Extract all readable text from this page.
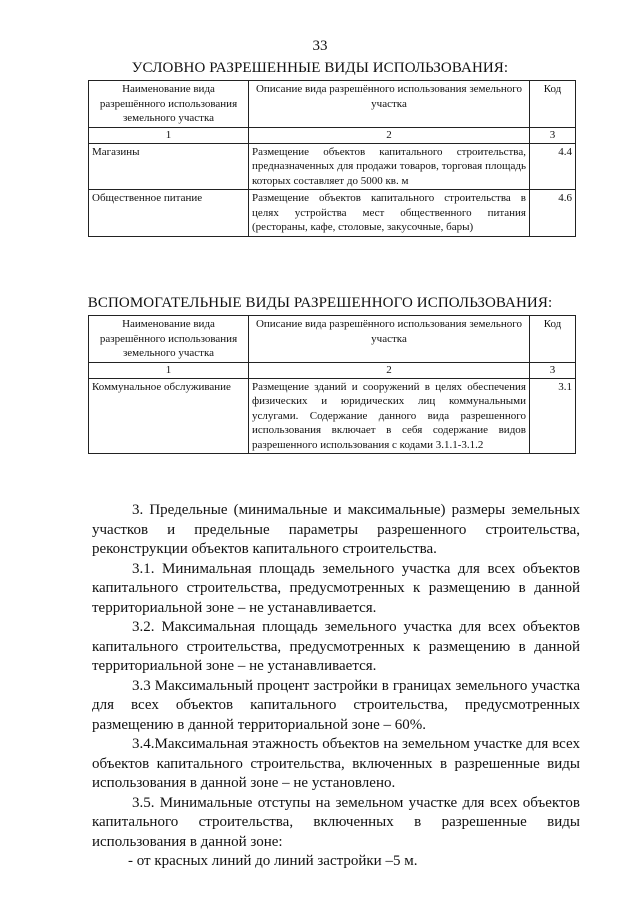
33
УСЛОВНО РАЗРЕШЕННЫЕ ВИДЫ ИСПОЛЬЗОВАНИЯ:
Наименование вида разрешённого использования земельного участка	Описание вида разрешённого использования земельного участка	Код
1	2	3
Магазины	Размещение объектов капитального строительства, предназначенных для продажи товаров, торговая площадь которых составляет до 5000 кв. м	4.4
Общественное питание	Размещение объектов капитального строительства в целях устройства мест общественного питания (рестораны, кафе, столовые, закусочные, бары)	4.6
ВСПОМОГАТЕЛЬНЫЕ ВИДЫ РАЗРЕШЕННОГО ИСПОЛЬЗОВАНИЯ:
Наименование вида разрешённого использования земельного участка	Описание вида разрешённого использования земельного участка	Код
1	2	3
Коммунальное обслуживание	Размещение зданий и сооружений в целях обеспечения физических и юридических лиц коммунальными услугами. Содержание данного вида разрешенного использования включает в себя содержание видов разрешенного использования с кодами 3.1.1-3.1.2	3.1

3. Предельные (минимальные и максимальные) размеры земельных участков и предельные параметры разрешенного строительства, реконструкции объектов капитального строительства.

3.1. Минимальная площадь земельного участка для всех объектов капитального строительства, предусмотренных к размещению в данной территориальной зоне – не устанавливается.

3.2. Максимальная площадь земельного участка для всех объектов капитального строительства, предусмотренных к размещению в данной территориальной зоне – не устанавливается.

3.3 Максимальный процент застройки в границах земельного участка для всех объектов капитального строительства, предусмотренных размещению в данной территориальной зоне – 60%.

3.4.Максимальная этажность объектов на земельном участке для всех объектов капитального строительства, включенных в разрешенные виды использования в данной зоне – не установлено.

3.5. Минимальные отступы на земельном участке для всех объектов капитального строительства, включенных в разрешенные виды использования в данной зоне:

- от красных линий до линий застройки –5 м.
